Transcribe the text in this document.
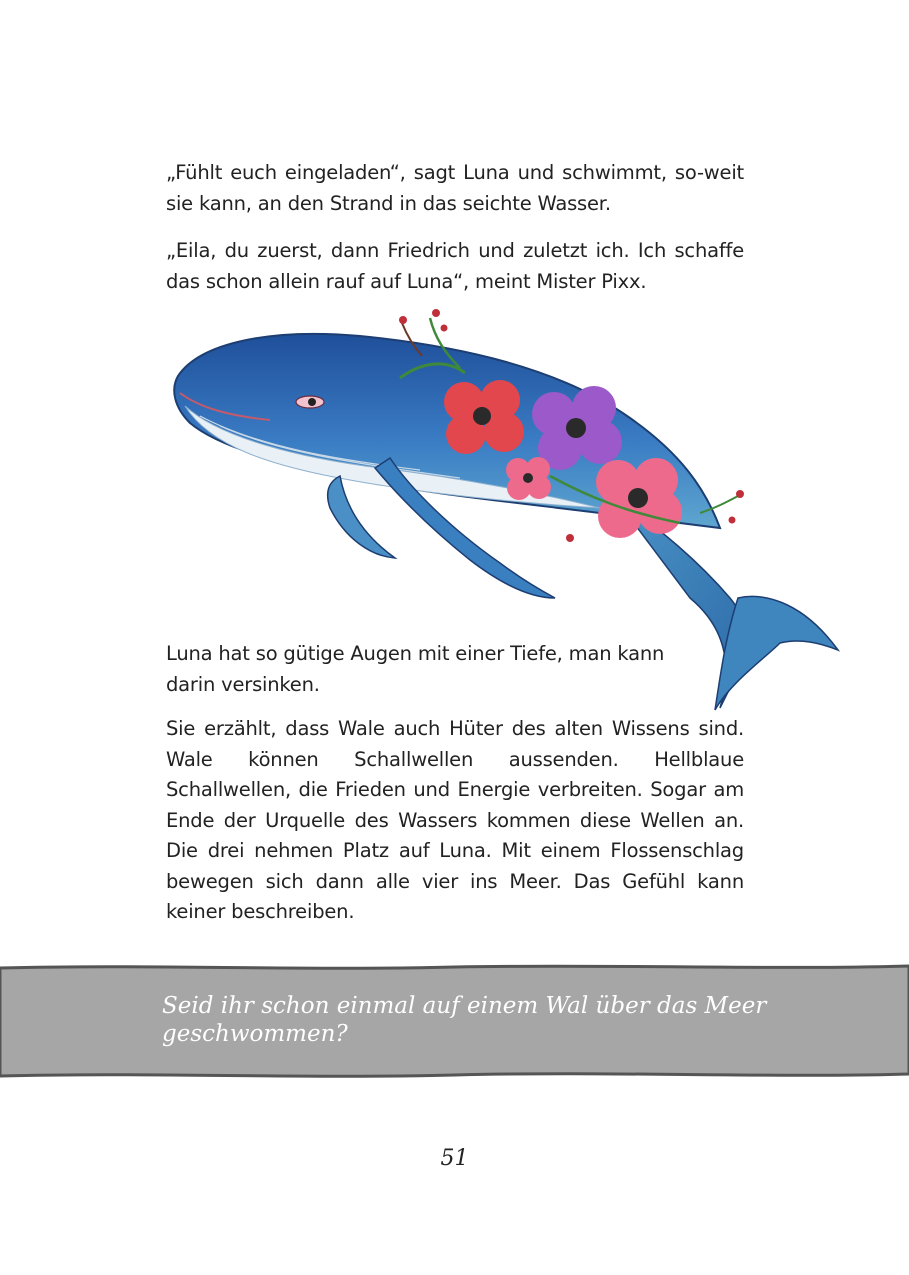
„Fühlt euch eingeladen“, sagt Luna und schwimmt, so-weit sie kann, an den Strand in das seichte Wasser.

„Eila, du zuerst, dann Friedrich und zuletzt ich. Ich schaffe das schon allein rauf auf Luna“, meint Mister Pixx.

Luna hat so gütige Augen mit einer Tiefe, man kann darin versinken.

Sie erzählt, dass Wale auch Hüter des alten Wissens sind. Wale können Schallwellen aussenden. Hellblaue Schallwellen, die Frieden und Energie verbreiten. Sogar am Ende der Urquelle des Wassers kommen diese Wellen an. Die drei nehmen Platz auf Luna. Mit einem Flossenschlag bewegen sich dann alle vier ins Meer. Das Gefühl kann keiner beschreiben.

Seid ihr schon einmal auf einem Wal über das Meer geschwommen?

51
